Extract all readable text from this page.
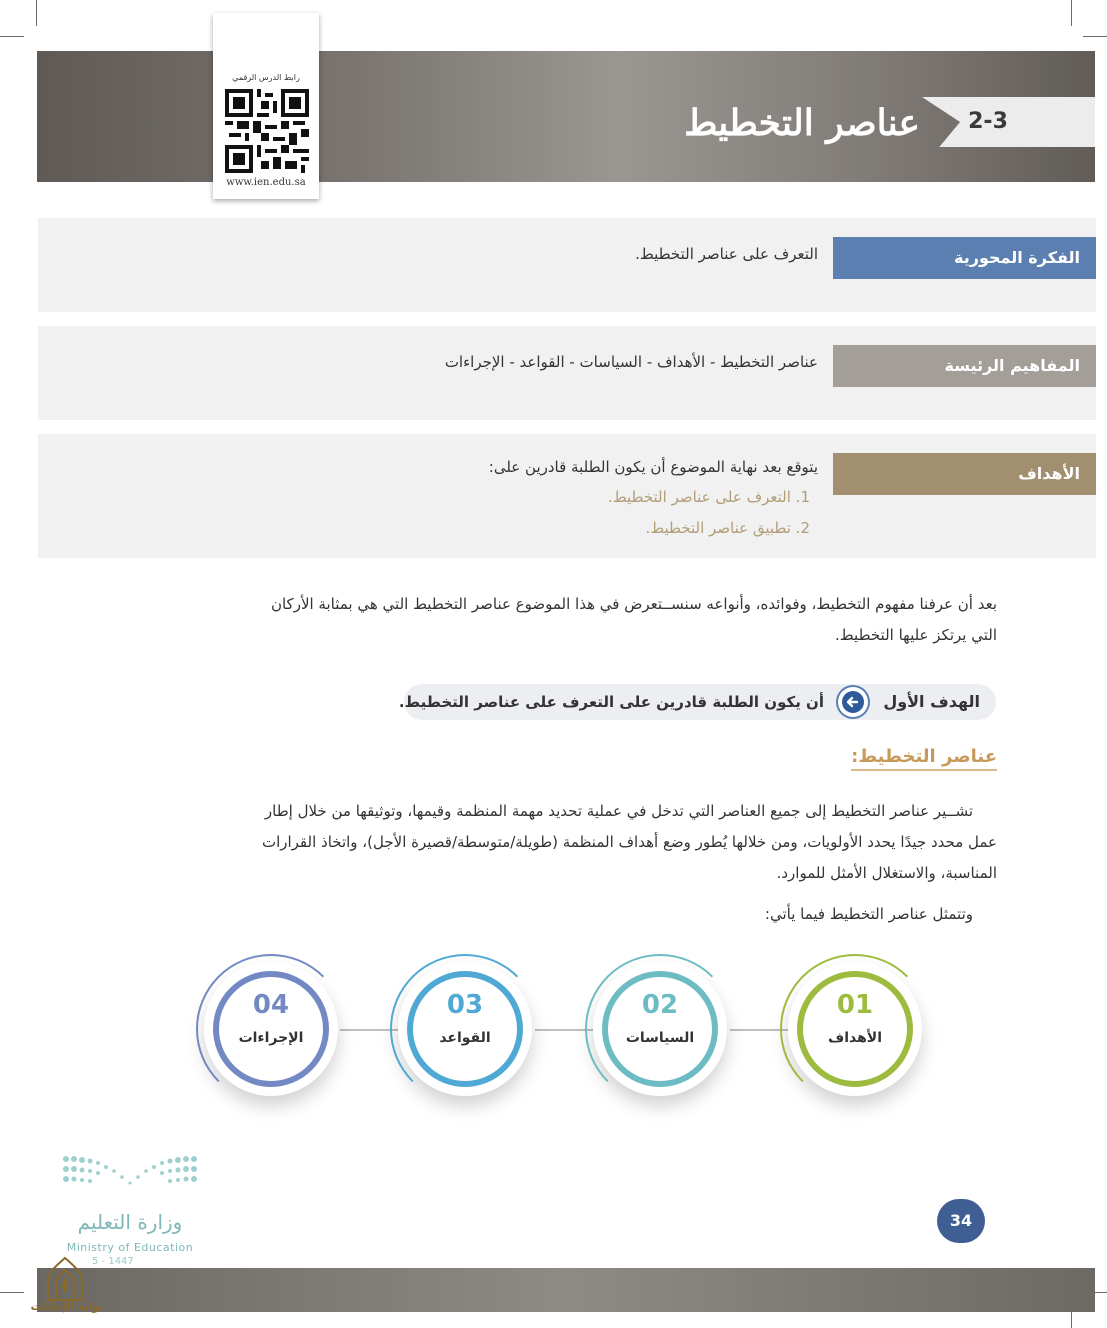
2-3
عناصر التخطيط
رابط الدرس الرقمي
www.ien.edu.sa
الفكرة المحورية
التعرف على عناصر التخطيط.
المفاهيم الرئيسة
عناصر التخطيط - الأهداف - السياسات - القواعد - الإجراءات
الأهداف
يتوقع بعد نهاية الموضوع أن يكون الطلبة قادرين على:
1. التعرف على عناصر التخطيط.
2. تطبيق عناصر التخطيط.
بعد أن عرفنا مفهوم التخطيط، وفوائده، وأنواعه سنســتعرض في هذا الموضوع عناصر التخطيط التي هي بمثابة الأركان
التي يرتكز عليها التخطيط.
الهدف الأول
أن يكون الطلبة قادرين على التعرف على عناصر التخطيط.
عناصر التخطيط:
تشــير عناصر التخطيط إلى جميع العناصر التي تدخل في عملية تحديد مهمة المنظمة وقيمها، وتوثيقها من خلال إطار
عمل محدد جيدًا يحدد الأولويات، ومن خلالها يُطور وضع أهداف المنظمة (طويلة/متوسطة/قصيرة الأجل)، واتخاذ القرارات
المناسبة، والاستغلال الأمثل للموارد.
وتتمثل عناصر التخطيط فيما يأتي:
01
الأهداف
02
السياسات
03
القواعد
04
الإجراءات
وزارة التعليم
Ministry of Education
5 - 1447
34
بوابة الإجابات
